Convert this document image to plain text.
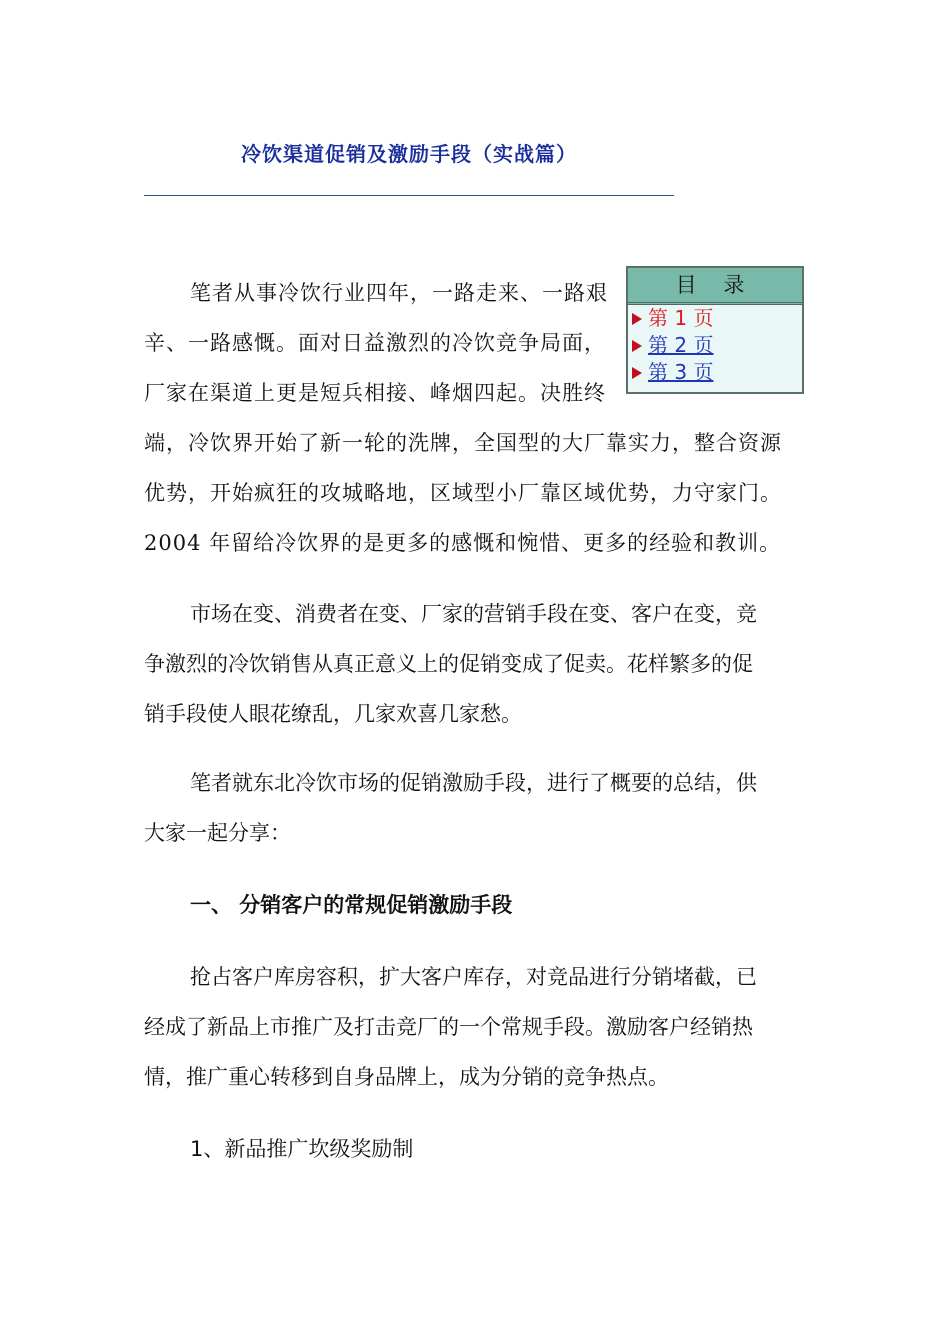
冷饮渠道促销及激励手段（实战篇）
目 录
第 1 页
第 2 页
第 3 页
笔者从事冷饮行业四年，一路走来、一路艰
辛、一路感慨。面对日益激烈的冷饮竞争局面，
厂家在渠道上更是短兵相接、峰烟四起。决胜终
端，冷饮界开始了新一轮的洗牌，全国型的大厂靠实力，整合资源
优势，开始疯狂的攻城略地，区域型小厂靠区域优势，力守家门。
2004 年留给冷饮界的是更多的感慨和惋惜、更多的经验和教训。
市场在变、消费者在变、厂家的营销手段在变、客户在变，竞
争激烈的冷饮销售从真正意义上的促销变成了促卖。花样繁多的促
销手段使人眼花缭乱，几家欢喜几家愁。
笔者就东北冷饮市场的促销激励手段，进行了概要的总结，供
大家一起分享：
一、 分销客户的常规促销激励手段
抢占客户库房容积，扩大客户库存，对竞品进行分销堵截，已
经成了新品上市推广及打击竞厂的一个常规手段。激励客户经销热
情，推广重心转移到自身品牌上，成为分销的竞争热点。
1、新品推广坎级奖励制
